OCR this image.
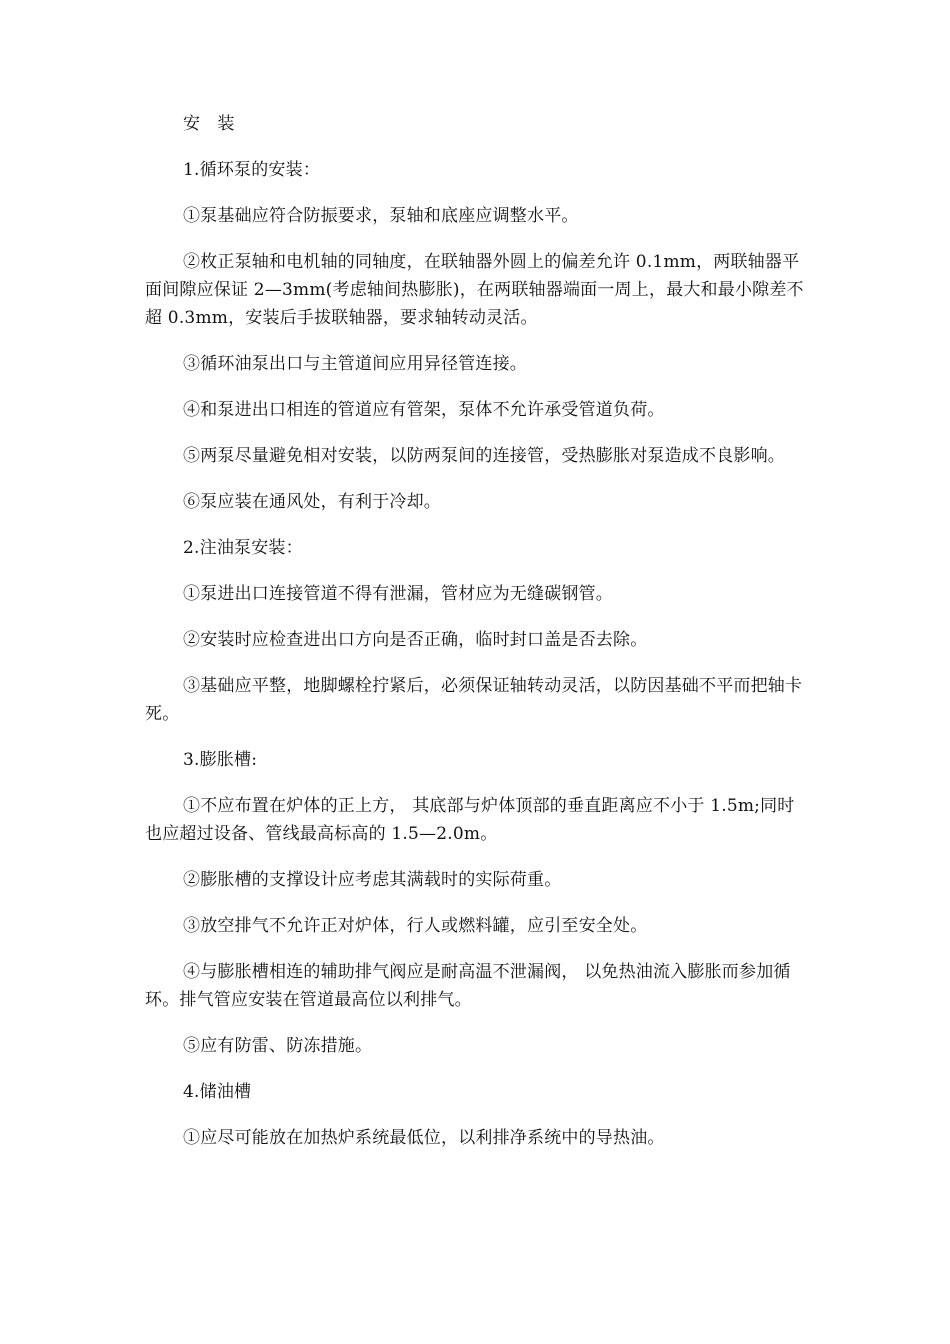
安 装

1.循环泵的安装：

①泵基础应符合防振要求，泵轴和底座应调整水平。

②枚正泵轴和电机轴的同轴度，在联轴器外圆上的偏差允许 0.1mm，两联轴器平面间隙应保证 2—3mm(考虑轴间热膨胀)，在两联轴器端面一周上，最大和最小隙差不超 0.3mm，安装后手拔联轴器，要求轴转动灵活。

③循环油泵出口与主管道间应用异径管连接。

④和泵进出口相连的管道应有管架，泵体不允许承受管道负荷。

⑤两泵尽量避免相对安装，以防两泵间的连接管，受热膨胀对泵造成不良影响。

⑥泵应装在通风处，有利于冷却。

2.注油泵安装：

①泵进出口连接管道不得有泄漏，管材应为无缝碳钢管。

②安装时应检查进出口方向是否正确，临时封口盖是否去除。

③基础应平整，地脚螺栓拧紧后，必须保证轴转动灵活，以防因基础不平而把轴卡死。

3.膨胀槽:

①不应布置在炉体的正上方， 其底部与炉体顶部的垂直距离应不小于 1.5m;同时也应超过设备、管线最高标高的 1.5—2.0m。

②膨胀槽的支撑设计应考虑其满载时的实际荷重。

③放空排气不允许正对炉体，行人或燃料罐，应引至安全处。

④与膨胀槽相连的辅助排气阀应是耐高温不泄漏阀， 以免热油流入膨胀而参加循环。排气管应安装在管道最高位以利排气。

⑤应有防雷、防冻措施。

4.储油槽

①应尽可能放在加热炉系统最低位，以利排净系统中的导热油。
